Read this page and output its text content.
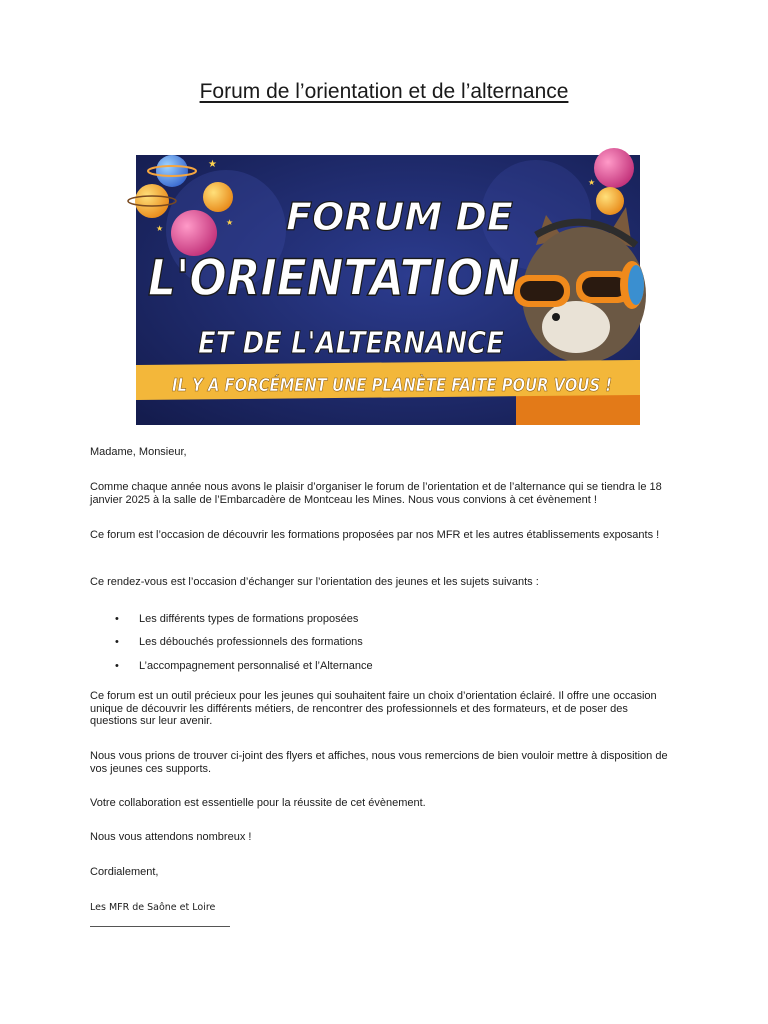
Forum de l’orientation et de l’alternance
★
★
★
★
FORUM DE
L'ORIENTATION
ET DE L'ALTERNANCE
IL Y A FORCÉMENT UNE PLANÈTE FAITE POUR VOUS !
Madame, Monsieur,
Comme chaque année nous avons le plaisir d’organiser le forum de l’orientation et de l’alternance qui se tiendra le 18 janvier 2025 à la salle de l’Embarcadère de Montceau les Mines. Nous vous convions à cet évènement !
Ce forum est l’occasion de découvrir les formations proposées par nos MFR et les autres établissements exposants !
Ce rendez-vous est l’occasion d’échanger sur l’orientation des jeunes et les sujets suivants :
• Les différents types de formations proposées
• Les débouchés professionnels des formations
• L’accompagnement personnalisé et l’Alternance
Ce forum est un outil précieux pour les jeunes qui souhaitent faire un choix d’orientation éclairé. Il offre une occasion unique de découvrir les différents métiers, de rencontrer des professionnels et des formateurs, et de poser des questions sur leur avenir.
Nous vous prions de trouver ci-joint des flyers et affiches, nous vous remercions de bien vouloir mettre à disposition de vos jeunes ces supports.
Votre collaboration est essentielle pour la réussite de cet évènement.
Nous vous attendons nombreux !
Cordialement,
Les MFR de Saône et Loire
